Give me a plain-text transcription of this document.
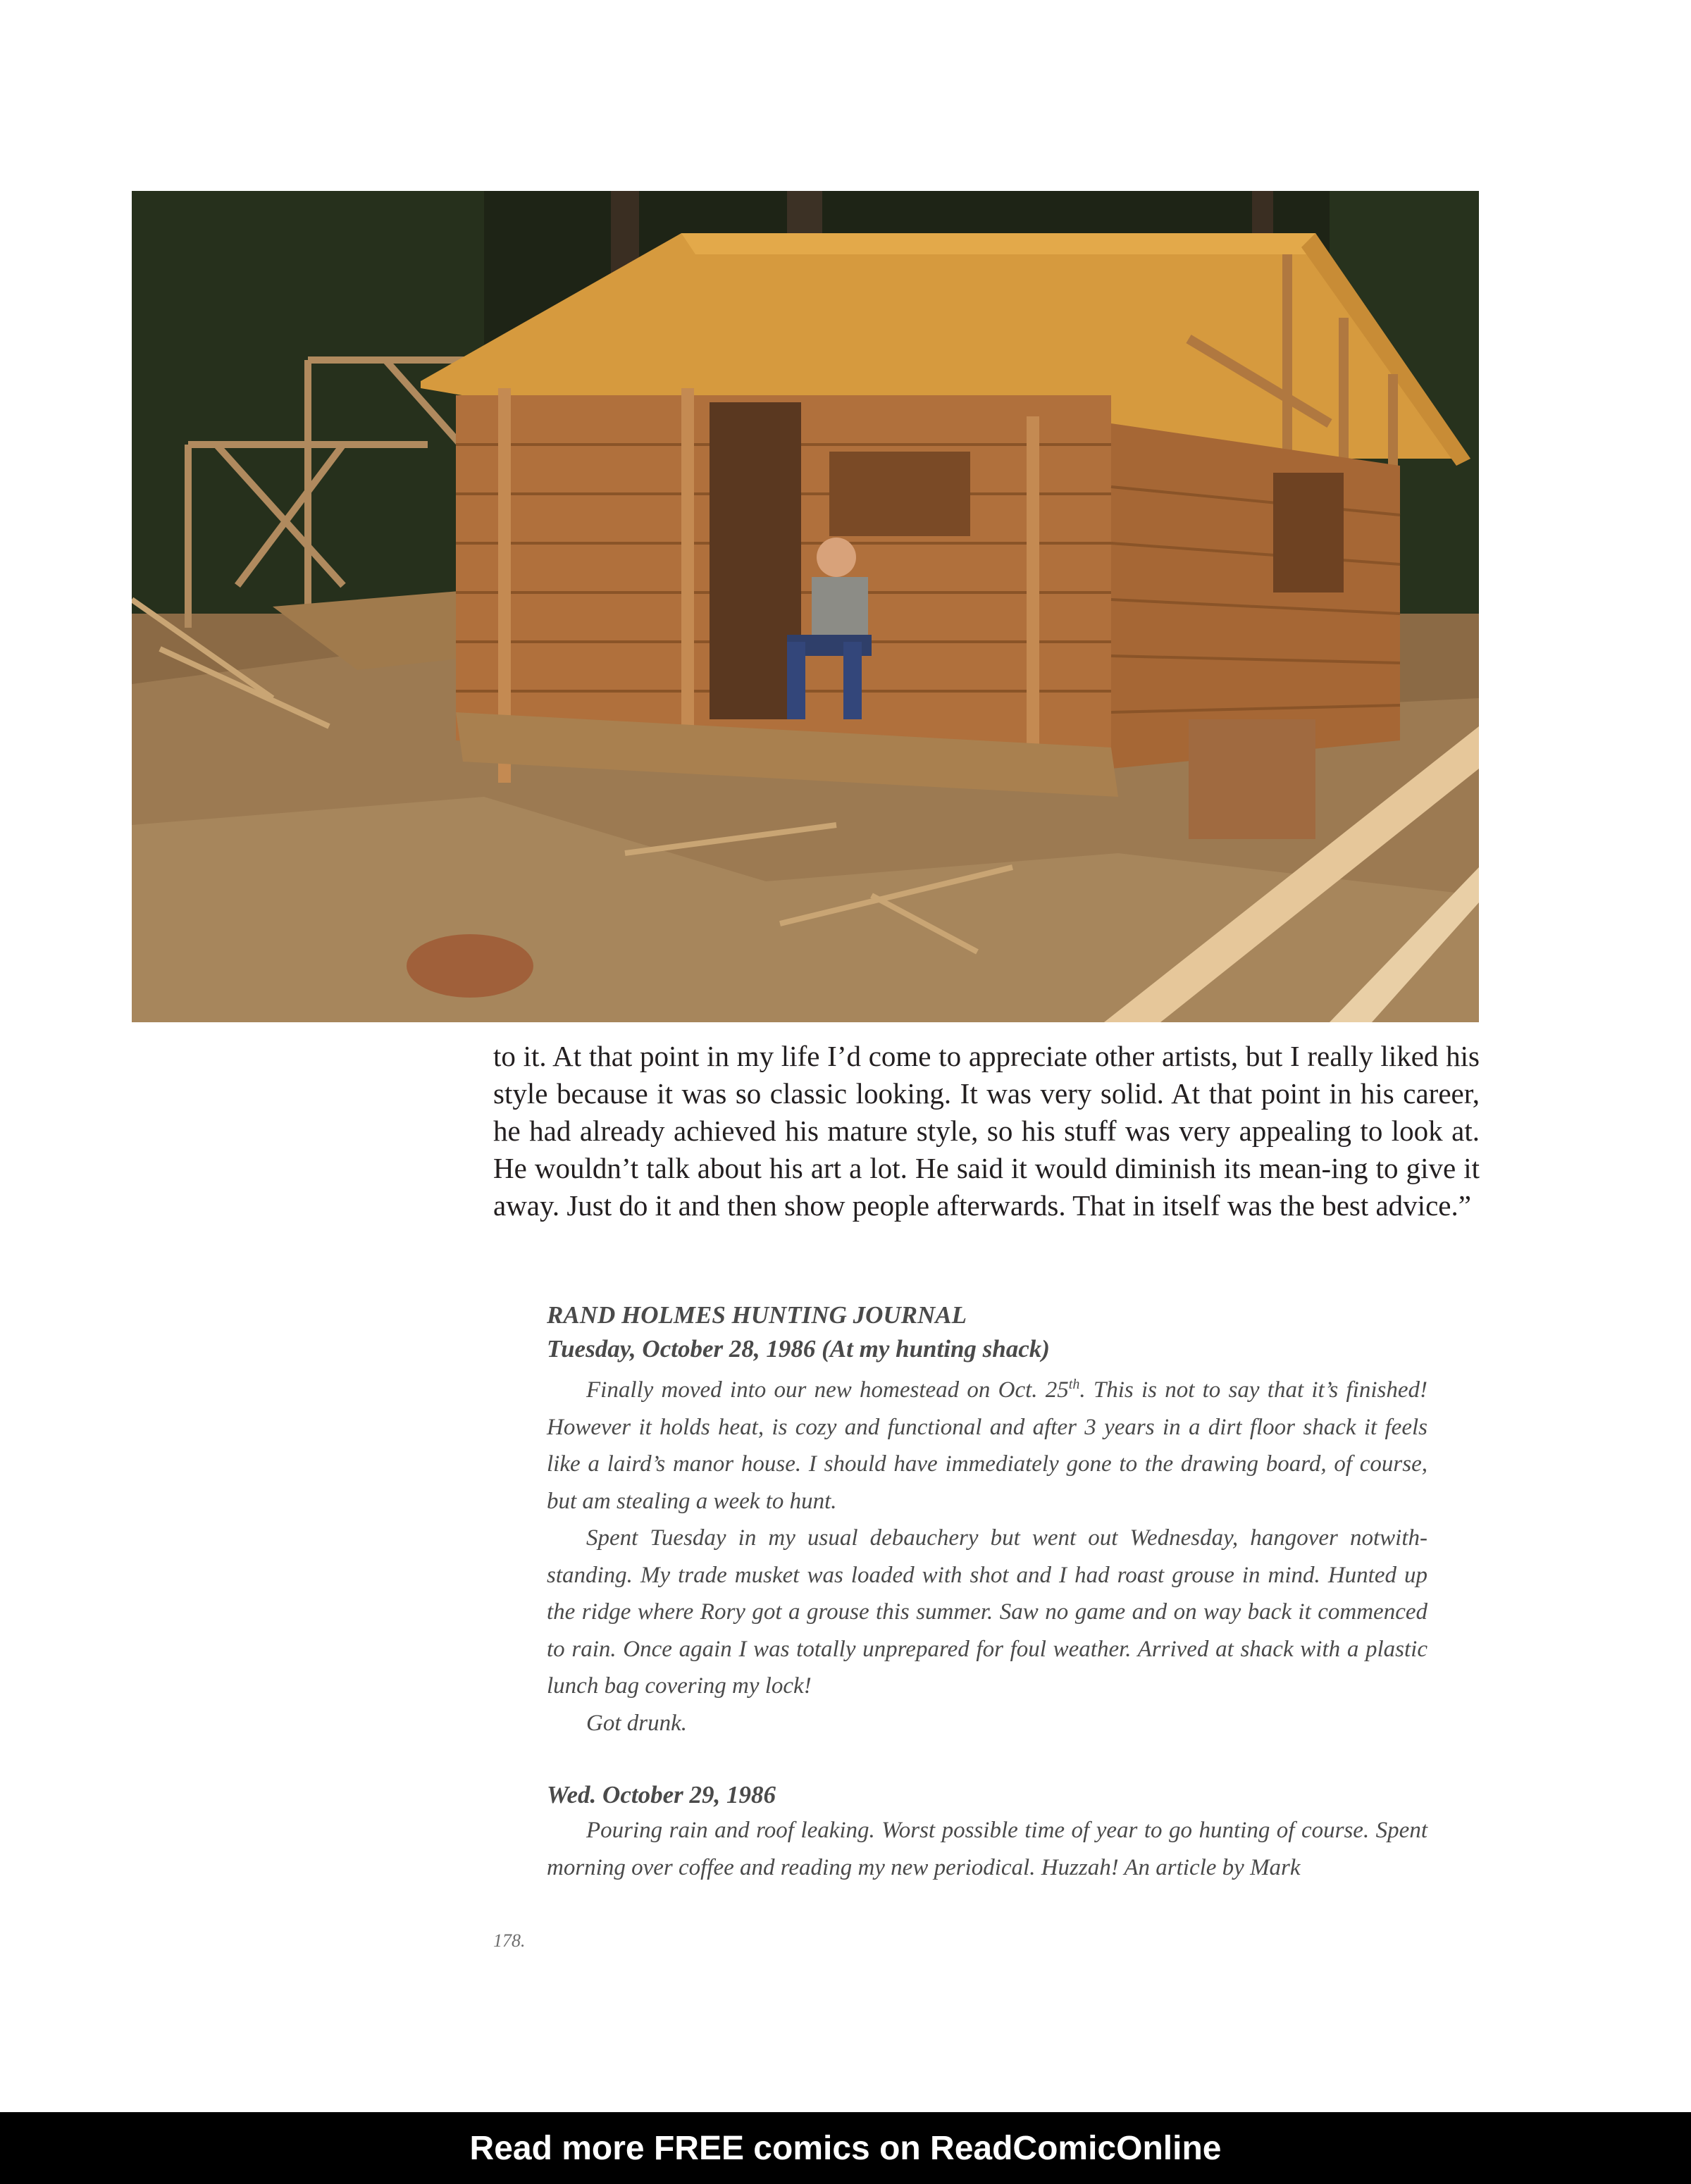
to it. At that point in my life I’d come to appreciate other artists, but I really liked his style because it was so classic looking. It was very solid. At that point in his career, he had already achieved his mature style, so his stuff was very appealing to look at. He wouldn’t talk about his art a lot. He said it would diminish its mean-ing to give it away. Just do it and then show people afterwards. That in itself was the best advice.”

RAND HOLMES HUNTING JOURNAL

Tuesday, October 28, 1986 (At my hunting shack)

Finally moved into our new homestead on Oct. 25th. This is not to say that it’s finished! However it holds heat, is cozy and functional and after 3 years in a dirt floor shack it feels like a laird’s manor house. I should have immediately gone to the drawing board, of course, but am stealing a week to hunt.

Spent Tuesday in my usual debauchery but went out Wednesday, hangover notwith-standing. My trade musket was loaded with shot and I had roast grouse in mind. Hunted up the ridge where Rory got a grouse this summer. Saw no game and on way back it commenced to rain. Once again I was totally unprepared for foul weather. Arrived at shack with a plastic lunch bag covering my lock!

Got drunk.

Wed. October 29, 1986

Pouring rain and roof leaking. Worst possible time of year to go hunting of course. Spent morning over coffee and reading my new periodical. Huzzah! An article by Mark

178.
Read more FREE comics on ReadComicOnline
